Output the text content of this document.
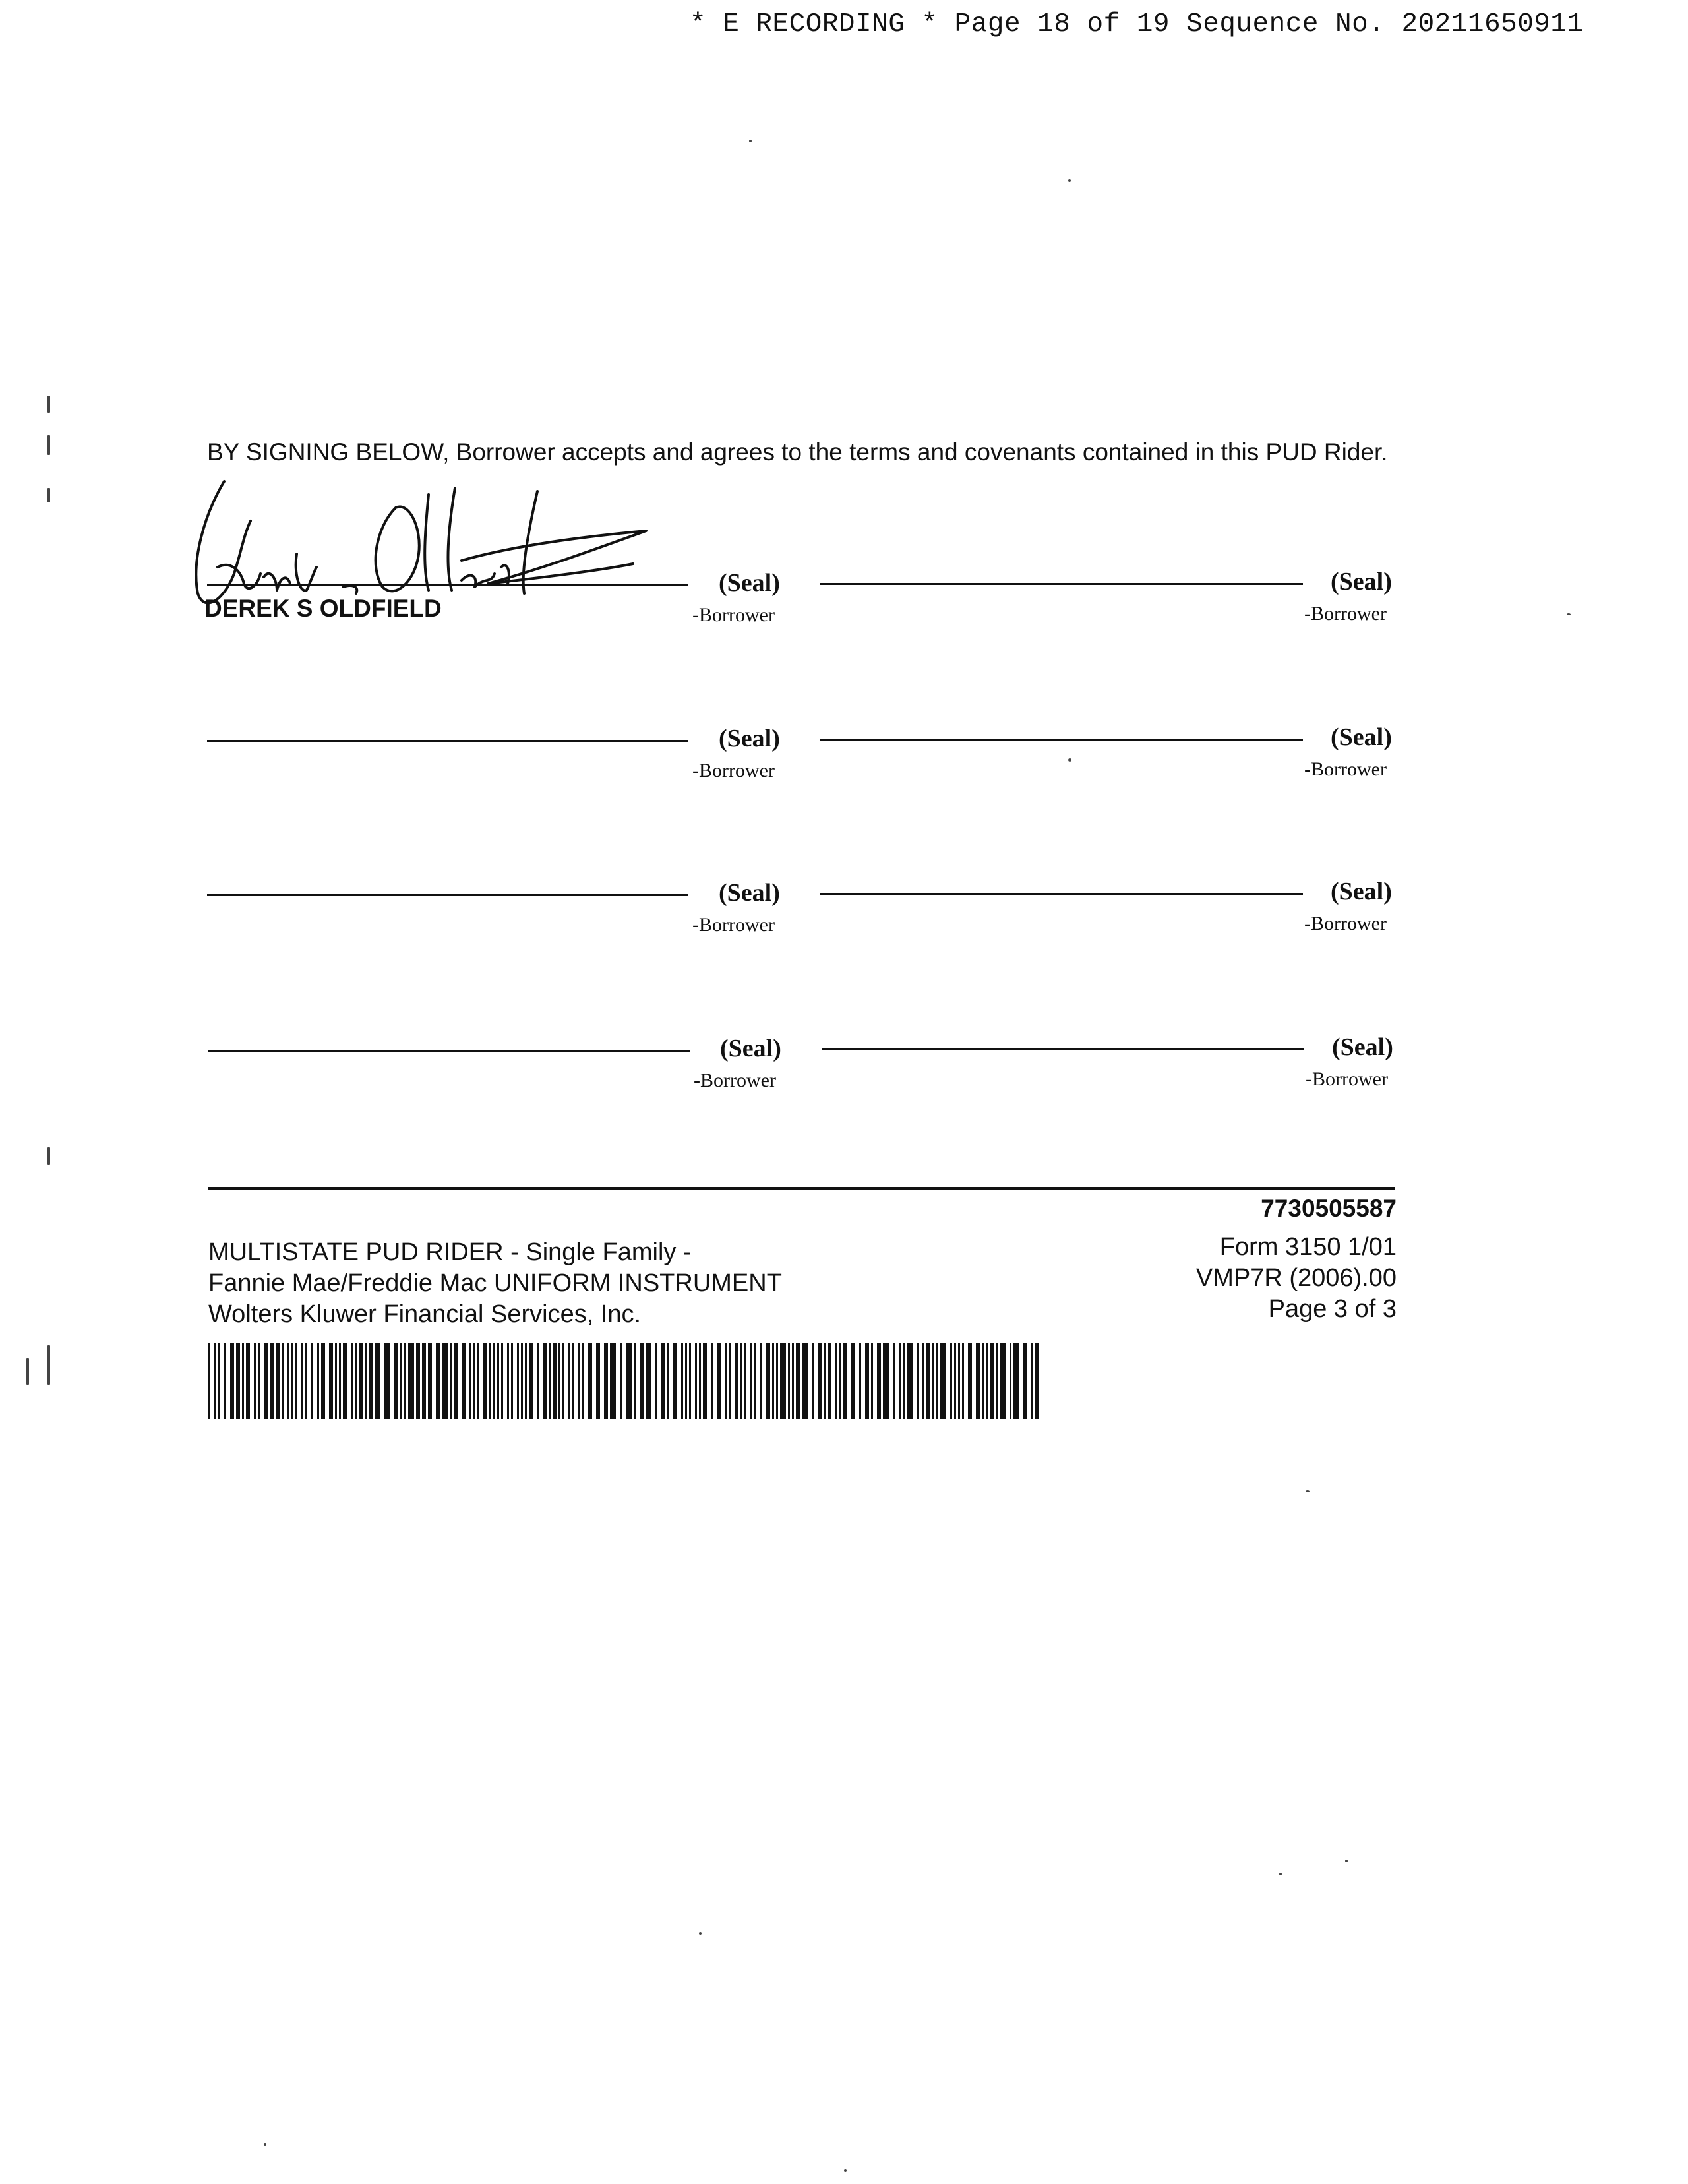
* E RECORDING * Page 18 of 19 Sequence No. 20211650911
BY SIGNING BELOW, Borrower accepts and agrees to the terms and covenants contained in this PUD Rider.
(Seal)
-Borrower
(Seal)
-Borrower
DEREK S OLDFIELD
(Seal)
-Borrower
(Seal)
-Borrower
(Seal)
-Borrower
(Seal)
-Borrower
(Seal)
-Borrower
(Seal)
-Borrower
7730505587
MULTISTATE PUD RIDER - Single Family -
Fannie Mae/Freddie Mac UNIFORM INSTRUMENT
Wolters Kluwer Financial Services, Inc.
Form 3150 1/01
VMP7R (2006).00
Page 3 of 3
